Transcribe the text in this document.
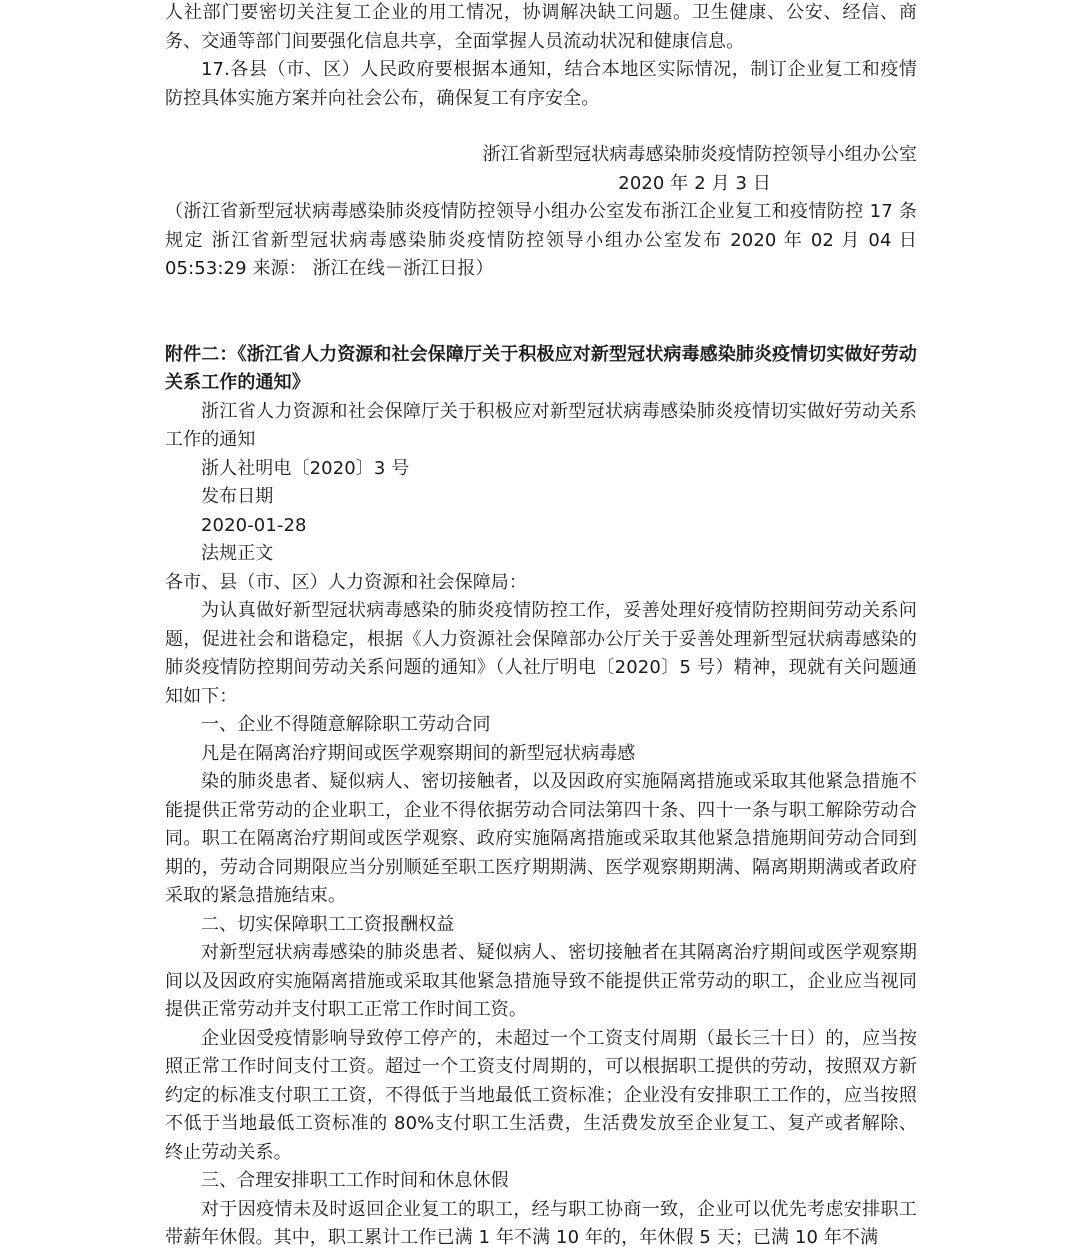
人社部门要密切关注复工企业的用工情况，协调解决缺工问题。卫生健康、公安、经信、商务、交通等部门间要强化信息共享，全面掌握人员流动状况和健康信息。

17.各县（市、区）人民政府要根据本通知，结合本地区实际情况，制订企业复工和疫情防控具体实施方案并向社会公布，确保复工有序安全。

浙江省新型冠状病毒感染肺炎疫情防控领导小组办公室

2020 年 2 月 3 日

（浙江省新型冠状病毒感染肺炎疫情防控领导小组办公室发布浙江企业复工和疫情防控 17 条规定 浙江省新型冠状病毒感染肺炎疫情防控领导小组办公室发布 2020 年 02 月 04 日 05:53:29 来源： 浙江在线－浙江日报）

附件二：《浙江省人力资源和社会保障厅关于积极应对新型冠状病毒感染肺炎疫情切实做好劳动关系工作的通知》

浙江省人力资源和社会保障厅关于积极应对新型冠状病毒感染肺炎疫情切实做好劳动关系工作的通知

浙人社明电〔2020〕3 号

发布日期

2020-01-28

法规正文

各市、县（市、区）人力资源和社会保障局：

为认真做好新型冠状病毒感染的肺炎疫情防控工作，妥善处理好疫情防控期间劳动关系问题，促进社会和谐稳定，根据《人力资源社会保障部办公厅关于妥善处理新型冠状病毒感染的肺炎疫情防控期间劳动关系问题的通知》（人社厅明电〔2020〕5 号）精神，现就有关问题通知如下：

一、企业不得随意解除职工劳动合同

凡是在隔离治疗期间或医学观察期间的新型冠状病毒感

染的肺炎患者、疑似病人、密切接触者，以及因政府实施隔离措施或采取其他紧急措施不能提供正常劳动的企业职工，企业不得依据劳动合同法第四十条、四十一条与职工解除劳动合同。职工在隔离治疗期间或医学观察、政府实施隔离措施或采取其他紧急措施期间劳动合同到期的，劳动合同期限应当分别顺延至职工医疗期期满、医学观察期期满、隔离期期满或者政府采取的紧急措施结束。

二、切实保障职工工资报酬权益

对新型冠状病毒感染的肺炎患者、疑似病人、密切接触者在其隔离治疗期间或医学观察期间以及因政府实施隔离措施或采取其他紧急措施导致不能提供正常劳动的职工，企业应当视同提供正常劳动并支付职工正常工作时间工资。

企业因受疫情影响导致停工停产的，未超过一个工资支付周期（最长三十日）的，应当按照正常工作时间支付工资。超过一个工资支付周期的，可以根据职工提供的劳动，按照双方新约定的标准支付职工工资，不得低于当地最低工资标准；企业没有安排职工工作的，应当按照不低于当地最低工资标准的 80%支付职工生活费，生活费发放至企业复工、复产或者解除、终止劳动关系。

三、合理安排职工工作时间和休息休假

对于因疫情未及时返回企业复工的职工，经与职工协商一致，企业可以优先考虑安排职工带薪年休假。其中，职工累计工作已满 1 年不满 10 年的，年休假 5 天；已满 10 年不满
